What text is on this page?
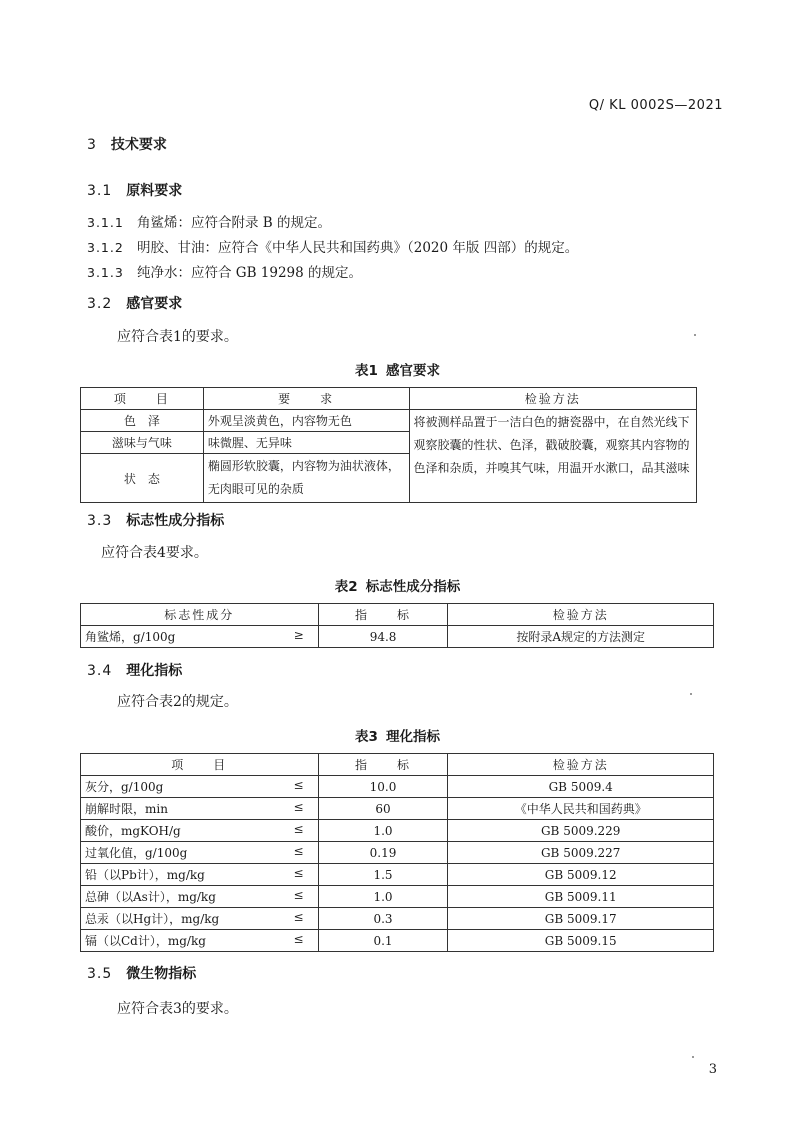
Q/ KL 0002S—2021
3 技术要求
3.1 原料要求
3.1.1 角鲨烯：应符合附录 B 的规定。
3.1.2 明胶、甘油：应符合《中华人民共和国药典》（2020 年版 四部）的规定。
3.1.3 纯净水：应符合 GB 19298 的规定。
3.2 感官要求
应符合表1的要求。
表1 感官要求
项　　目	要　　求	检验方法
色　泽	外观呈淡黄色，内容物无色	将被测样品置于一洁白色的搪瓷器中，在自然光线下观察胶囊的性状、色泽，戳破胶囊，观察其内容物的色泽和杂质，并嗅其气味，用温开水漱口，品其滋味
滋味与气味	味微腥、无异味	
状　态	椭圆形软胶囊，内容物为油状液体，无肉眼可见的杂质	
3.3 标志性成分指标
应符合表4要求。
表2 标志性成分指标
标志性成分	指　　标	检验方法
角鲨烯，g/100g ≥	94.8	按附录A规定的方法测定
3.4 理化指标
应符合表2的规定。
表3 理化指标
项　　目	指　　标	检验方法
灰分，g/100g ≤	10.0	GB 5009.4
崩解时限，min ≤	60	《中华人民共和国药典》
酸价，mgKOH/g ≤	1.0	GB 5009.229
过氧化值，g/100g ≤	0.19	GB 5009.227
铅（以Pb计），mg/kg ≤	1.5	GB 5009.12
总砷（以As计），mg/kg ≤	1.0	GB 5009.11
总汞（以Hg计），mg/kg ≤	0.3	GB 5009.17
镉（以Cd计），mg/kg ≤	0.1	GB 5009.15
3.5 微生物指标
应符合表3的要求。
3
